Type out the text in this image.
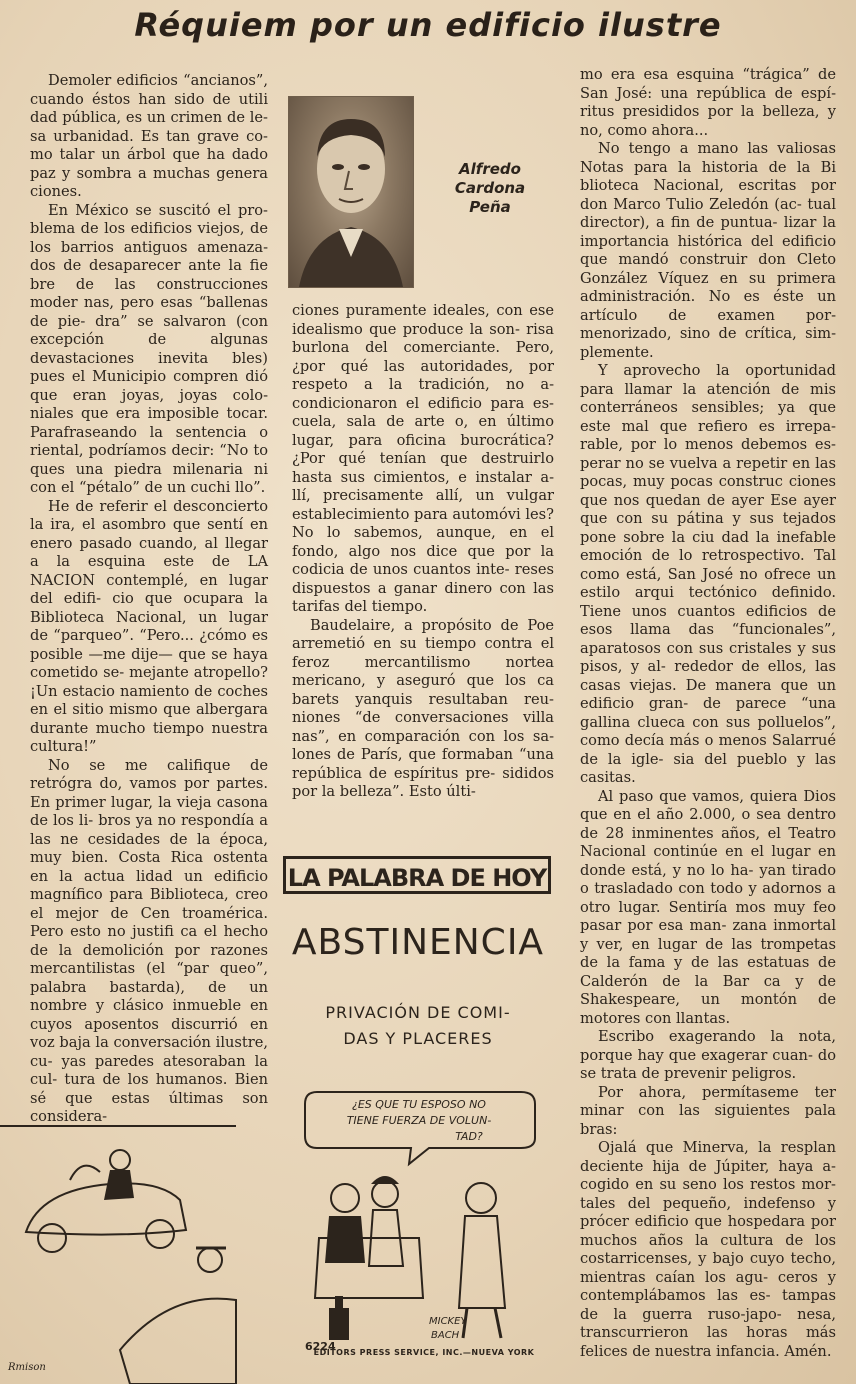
Réquiem por un edificio ilustre

Demoler edificios “ancianos”, cuando éstos han sido de utili dad pública, es un crimen de le- sa urbanidad. Es tan grave co- mo talar un árbol que ha dado paz y sombra a muchas genera ciones.

En México se suscitó el pro- blema de los edificios viejos, de los barrios antiguos amenaza- dos de desaparecer ante la fie bre de las construcciones moder nas, pero esas “ballenas de pie- dra” se salvaron (con excepción de algunas devastaciones inevita bles) pues el Municipio compren dió que eran joyas, joyas colo- niales que era imposible tocar. Parafraseando la sentencia o riental, podríamos decir: “No to ques una piedra milenaria ni con el “pétalo” de un cuchi llo”.

He de referir el desconcierto la ira, el asombro que sentí en enero pasado cuando, al llegar a la esquina este de LA NACION contemplé, en lugar del edifi- cio que ocupara la Biblioteca Nacional, un lugar de “parqueo”. “Pero... ¿cómo es posible —me dije— que se haya cometido se- mejante atropello? ¡Un estacio namiento de coches en el sitio mismo que albergara durante mucho tiempo nuestra cultura!”

No se me califique de retrógra do, vamos por partes. En primer lugar, la vieja casona de los li- bros ya no respondía a las ne cesidades de la época, muy bien. Costa Rica ostenta en la actua lidad un edificio magnífico para Biblioteca, creo el mejor de Cen troamérica. Pero esto no justifi ca el hecho de la demolición por razones mercantilistas (el “par queo”, palabra bastarda), de un nombre y clásico inmueble en cuyos aposentos discurrió en voz baja la conversación ilustre, cu- yas paredes atesoraban la cul- tura de los humanos. Bien sé que estas últimas son considera-

Alfredo
Cardona
Peña

ciones puramente ideales, con ese idealismo que produce la son- risa burlona del comerciante. Pero, ¿por qué las autoridades, por respeto a la tradición, no a- condicionaron el edificio para es- cuela, sala de arte o, en último lugar, para oficina burocrática? ¿Por qué tenían que destruirlo hasta sus cimientos, e instalar a- llí, precisamente allí, un vulgar establecimiento para automóvi les? No lo sabemos, aunque, en el fondo, algo nos dice que por la codicia de unos cuantos inte- reses dispuestos a ganar dinero con las tarifas del tiempo.

Baudelaire, a propósito de Poe arremetió en su tiempo contra el feroz mercantilismo nortea mericano, y aseguró que los ca barets yanquis resultaban reu- niones “de conversaciones villa nas”, en comparación con los sa- lones de París, que formaban “una república de espíritus pre- sididos por la belleza”. Esto últi-

mo era esa esquina “trágica” de San José: una república de espí- ritus presididos por la belleza, y no, como ahora...

No tengo a mano las valiosas Notas para la historia de la Bi blioteca Nacional, escritas por don Marco Tulio Zeledón (ac- tual director), a fin de puntua- lizar la importancia histórica del edificio que mandó construir don Cleto González Víquez en su primera administración. No es éste un artículo de examen por- menorizado, sino de crítica, sim- plemente.

Y aprovecho la oportunidad para llamar la atención de mis conterráneos sensibles; ya que este mal que refiero es irrepa- rable, por lo menos debemos es- perar no se vuelva a repetir en las pocas, muy pocas construc ciones que nos quedan de ayer Ese ayer que con su pátina y sus tejados pone sobre la ciu dad la inefable emoción de lo retrospectivo. Tal como está, San José no ofrece un estilo arqui tectónico definido. Tiene unos cuantos edificios de esos llama das “funcionales”, aparatosos con sus cristales y sus pisos, y al- rededor de ellos, las casas viejas. De manera que un edificio gran- de parece “una gallina clueca con sus polluelos”, como decía más o menos Salarrué de la igle- sia del pueblo y las casitas.

Al paso que vamos, quiera Dios que en el año 2.000, o sea dentro de 28 inminentes años, el Teatro Nacional continúe en el lugar en donde está, y no lo ha- yan tirado o trasladado con todo y adornos a otro lugar. Sentiría mos muy feo pasar por esa man- zana inmortal y ver, en lugar de las trompetas de la fama y de las estatuas de Calderón de la Bar ca y de Shakespeare, un montón de motores con llantas.

Escribo exagerando la nota, porque hay que exagerar cuan- do se trata de prevenir peligros.

Por ahora, permítaseme ter minar con las siguientes pala bras:

Ojalá que Minerva, la resplan deciente hija de Júpiter, haya a- cogido en su seno los restos mor- tales del pequeño, indefenso y prócer edificio que hospedara por muchos años la cultura de los costarricenses, y bajo cuyo techo, mientras caían los agu- ceros y contemplábamos las es- tampas de la guerra ruso-japo- nesa, transcurrieron las horas más felices de nuestra infancia. Amén.

LA PALABRA DE HOY
ABSTINENCIA
PRIVACIÓN DE COMI-
DAS Y PLACERES
¿ES QUE TU ESPOSO NO
TIENE FUERZA DE VOLUN-
TAD?
6224
MICKEY
BACH
EDITORS PRESS SERVICE, INC.—NUEVA YORK
Rmison
